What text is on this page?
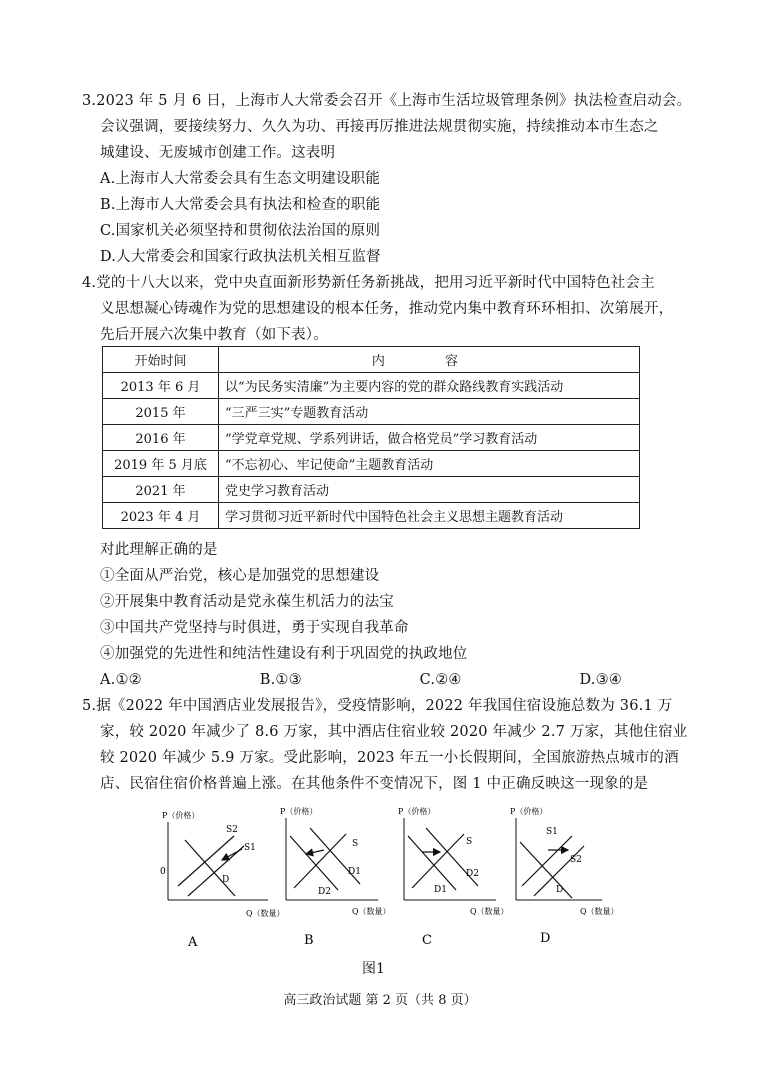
3.2023 年 5 月 6 日，上海市人大常委会召开《上海市生活垃圾管理条例》执法检查启动会。

会议强调，要接续努力、久久为功、再接再厉推进法规贯彻实施，持续推动本市生态之

城建设、无废城市创建工作。这表明

A.上海市人大常委会具有生态文明建设职能

B.上海市人大常委会具有执法和检查的职能

C.国家机关必须坚持和贯彻依法治国的原则

D.人大常委会和国家行政执法机关相互监督

4.党的十八大以来，党中央直面新形势新任务新挑战，把用习近平新时代中国特色社会主

义思想凝心铸魂作为党的思想建设的根本任务，推动党内集中教育环环相扣、次第展开，

先后开展六次集中教育（如下表）。

开始时间	内 容
2013 年 6 月	以“为民务实清廉”为主要内容的党的群众路线教育实践活动
2015 年	“三严三实”专题教育活动
2016 年	“学党章党规、学系列讲话，做合格党员”学习教育活动
2019 年 5 月底	“不忘初心、牢记使命”主题教育活动
2021 年	党史学习教育活动
2023 年 4 月	学习贯彻习近平新时代中国特色社会主义思想主题教育活动

对此理解正确的是

①全面从严治党，核心是加强党的思想建设

②开展集中教育活动是党永葆生机活力的法宝

③中国共产党坚持与时俱进，勇于实现自我革命

④加强党的先进性和纯洁性建设有利于巩固党的执政地位

A.①②	B.①③	C.②④	D.③④

5.据《2022 年中国酒店业发展报告》，受疫情影响，2022 年我国住宿设施总数为 36.1 万

家，较 2020 年减少了 8.6 万家，其中酒店住宿业较 2020 年减少 2.7 万家，其他住宿业

较 2020 年减少 5.9 万家。受此影响，2023 年五一小长假期间，全国旅游热点城市的酒

店、民宿住宿价格普遍上涨。在其他条件不变情况下，图 1 中正确反映这一现象的是

P（价格）
0
Q（数量）
S2
S1
D
A
P（价格）
Q（数量）
S
D1
D2
B
P（价格）
Q（数量）
S
D1
D2
C
P（价格）
Q（数量）
S1
S2
D
D
图1
高三政治试题 第 2 页（共 8 页）
